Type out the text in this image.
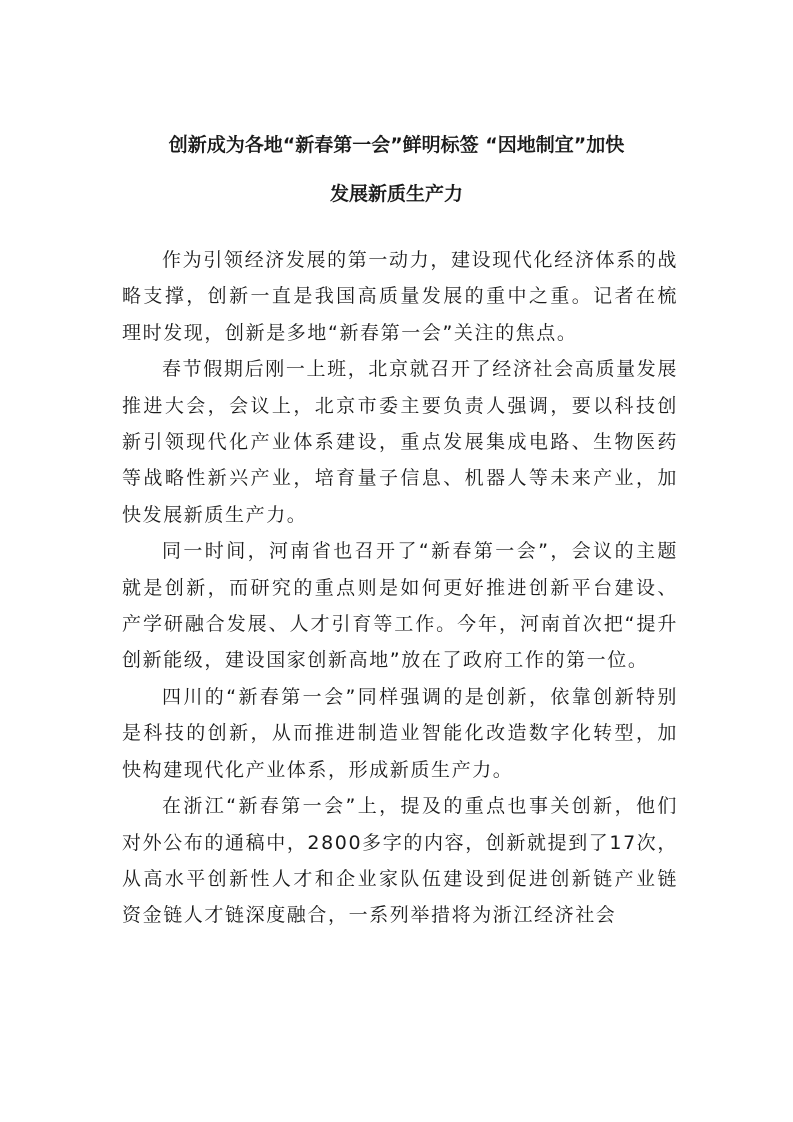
创新成为各地“新春第一会”鲜明标签 “因地制宜”加快
发展新质生产力

作为引领经济发展的第一动力，建设现代化经济体系的战略支撑，创新一直是我国高质量发展的重中之重。记者在梳理时发现，创新是多地“新春第一会”关注的焦点。

春节假期后刚一上班，北京就召开了经济社会高质量发展推进大会，会议上，北京市委主要负责人强调，要以科技创新引领现代化产业体系建设，重点发展集成电路、生物医药等战略性新兴产业，培育量子信息、机器人等未来产业，加快发展新质生产力。

同一时间，河南省也召开了“新春第一会”，会议的主题就是创新，而研究的重点则是如何更好推进创新平台建设、产学研融合发展、人才引育等工作。今年，河南首次把“提升创新能级，建设国家创新高地”放在了政府工作的第一位。

四川的“新春第一会”同样强调的是创新，依靠创新特别是科技的创新，从而推进制造业智能化改造数字化转型，加快构建现代化产业体系，形成新质生产力。

在浙江“新春第一会”上，提及的重点也事关创新，他们对外公布的通稿中，2800多字的内容，创新就提到了17次，从高水平创新性人才和企业家队伍建设到促进创新链产业链资金链人才链深度融合，一系列举措将为浙江经济社会
